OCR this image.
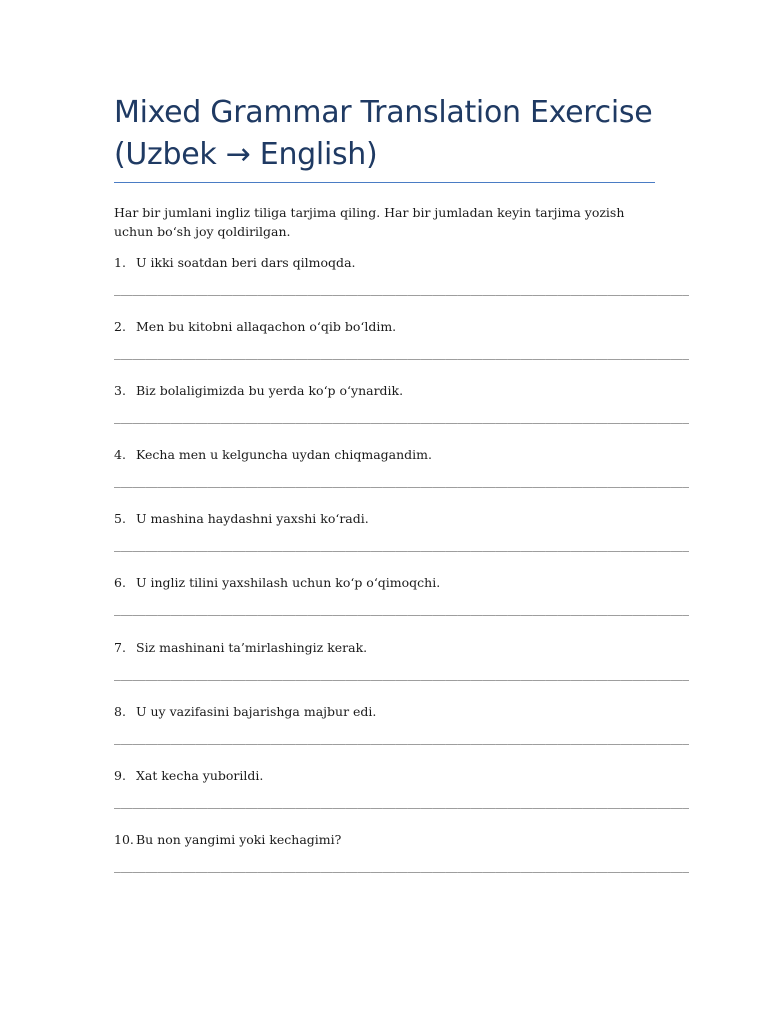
Mixed Grammar Translation Exercise
(Uzbek → English)

Har bir jumlani ingliz tiliga tarjima qiling. Har bir jumladan keyin tarjima yozish uchun bo‘sh joy qoldirilgan.

1. U ikki soatdan beri dars qilmoqda.
____________________________________________________________________________________________
2. Men bu kitobni allaqachon o‘qib bo‘ldim.
____________________________________________________________________________________________
3. Biz bolaligimizda bu yerda ko‘p o‘ynardik.
____________________________________________________________________________________________
4. Kecha men u kelguncha uydan chiqmagandim.
____________________________________________________________________________________________
5. U mashina haydashni yaxshi ko‘radi.
____________________________________________________________________________________________
6. U ingliz tilini yaxshilash uchun ko‘p o‘qimoqchi.
____________________________________________________________________________________________
7. Siz mashinani ta’mirlashingiz kerak.
____________________________________________________________________________________________
8. U uy vazifasini bajarishga majbur edi.
____________________________________________________________________________________________
9. Xat kecha yuborildi.
____________________________________________________________________________________________
10. Bu non yangimi yoki kechagimi?
____________________________________________________________________________________________
